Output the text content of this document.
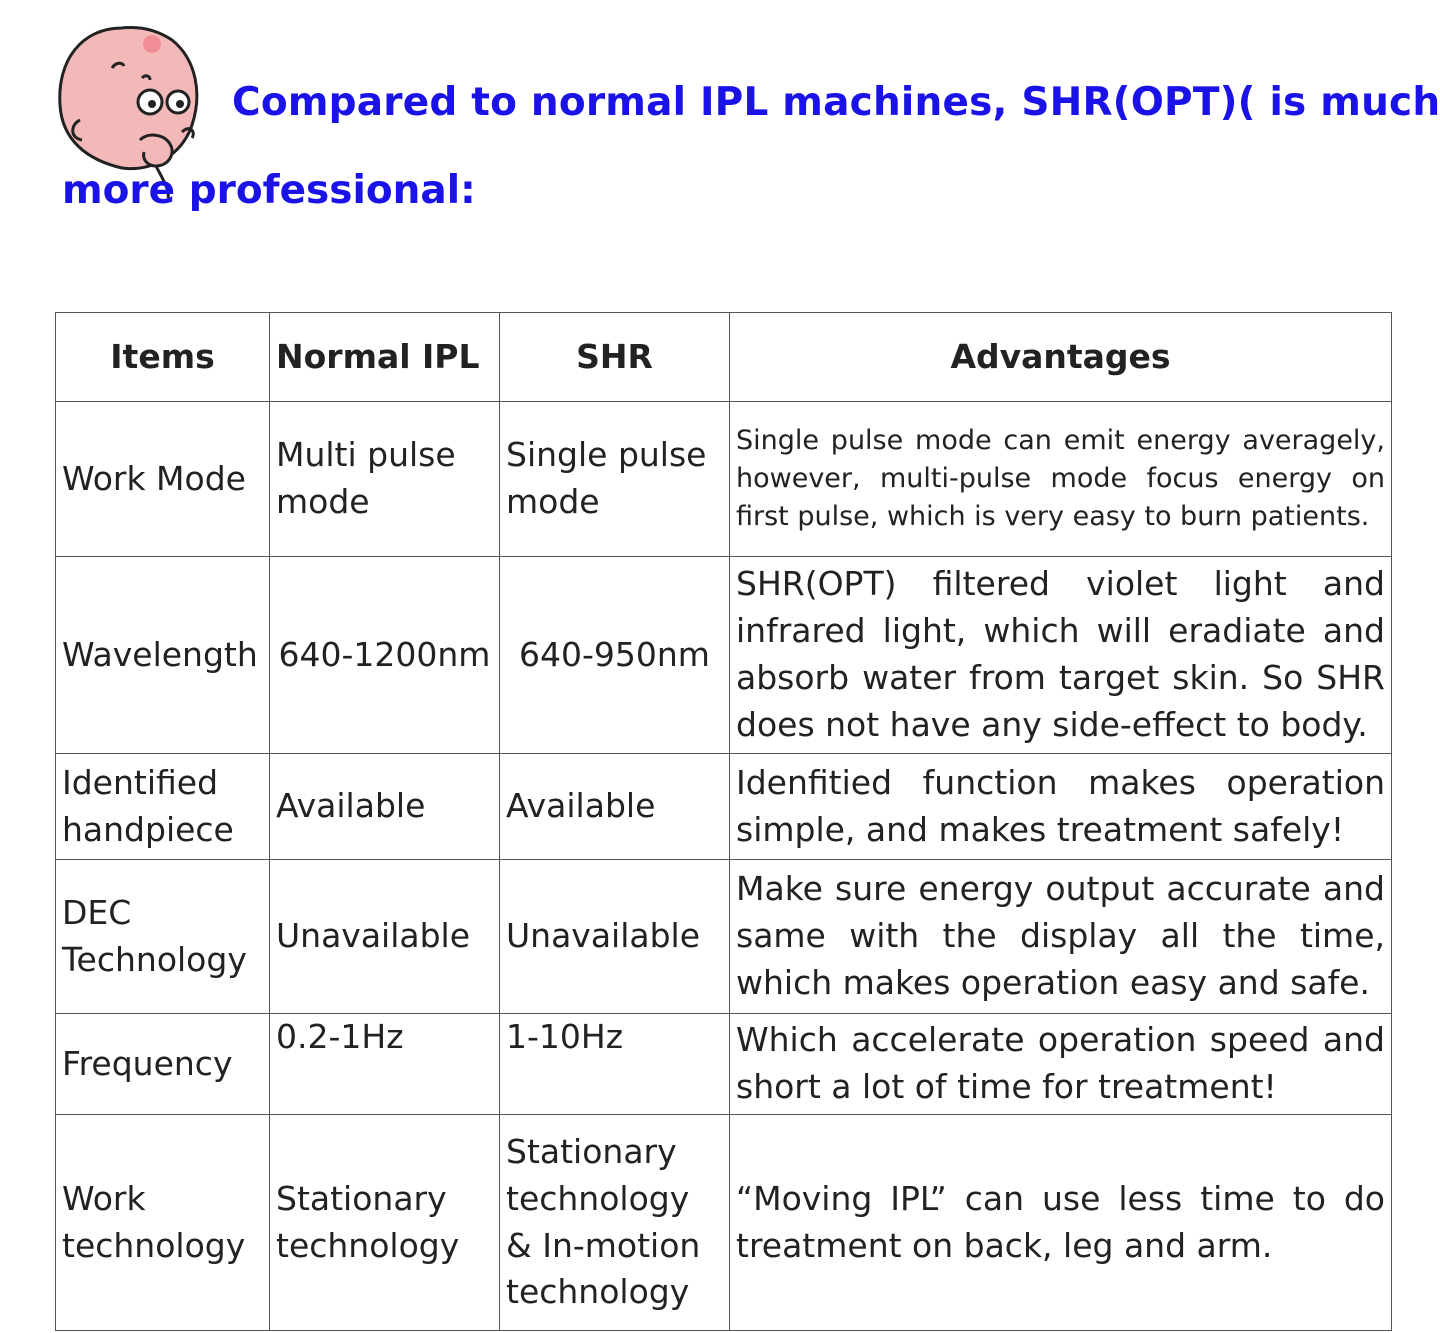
Compared to normal IPL machines, SHR(OPT)( is much
more professional:
Items	Normal IPL	SHR	Advantages
Work Mode	Multi pulse mode	Single pulse mode	Single pulse mode can emit energy averagely, however, multi-pulse mode focus energy on first pulse, which is very easy to burn patients.
Wavelength	640-1200nm	640-950nm	SHR(OPT) filtered violet light and infrared light, which will eradiate and absorb water from target skin. So SHR does not have any side-effect to body.
Identified handpiece	Available	Available	Idenfitied function makes operation simple, and makes treatment safely!
DEC Technology	Unavailable	Unavailable	Make sure energy output accurate and same with the display all the time, which makes operation easy and safe.
Frequency	0.2-1Hz	1-10Hz	Which accelerate operation speed and short a lot of time for treatment!
Work technology	Stationary technology	Stationary technology & In-motion technology	“Moving IPL” can use less time to do treatment on back, leg and arm.
